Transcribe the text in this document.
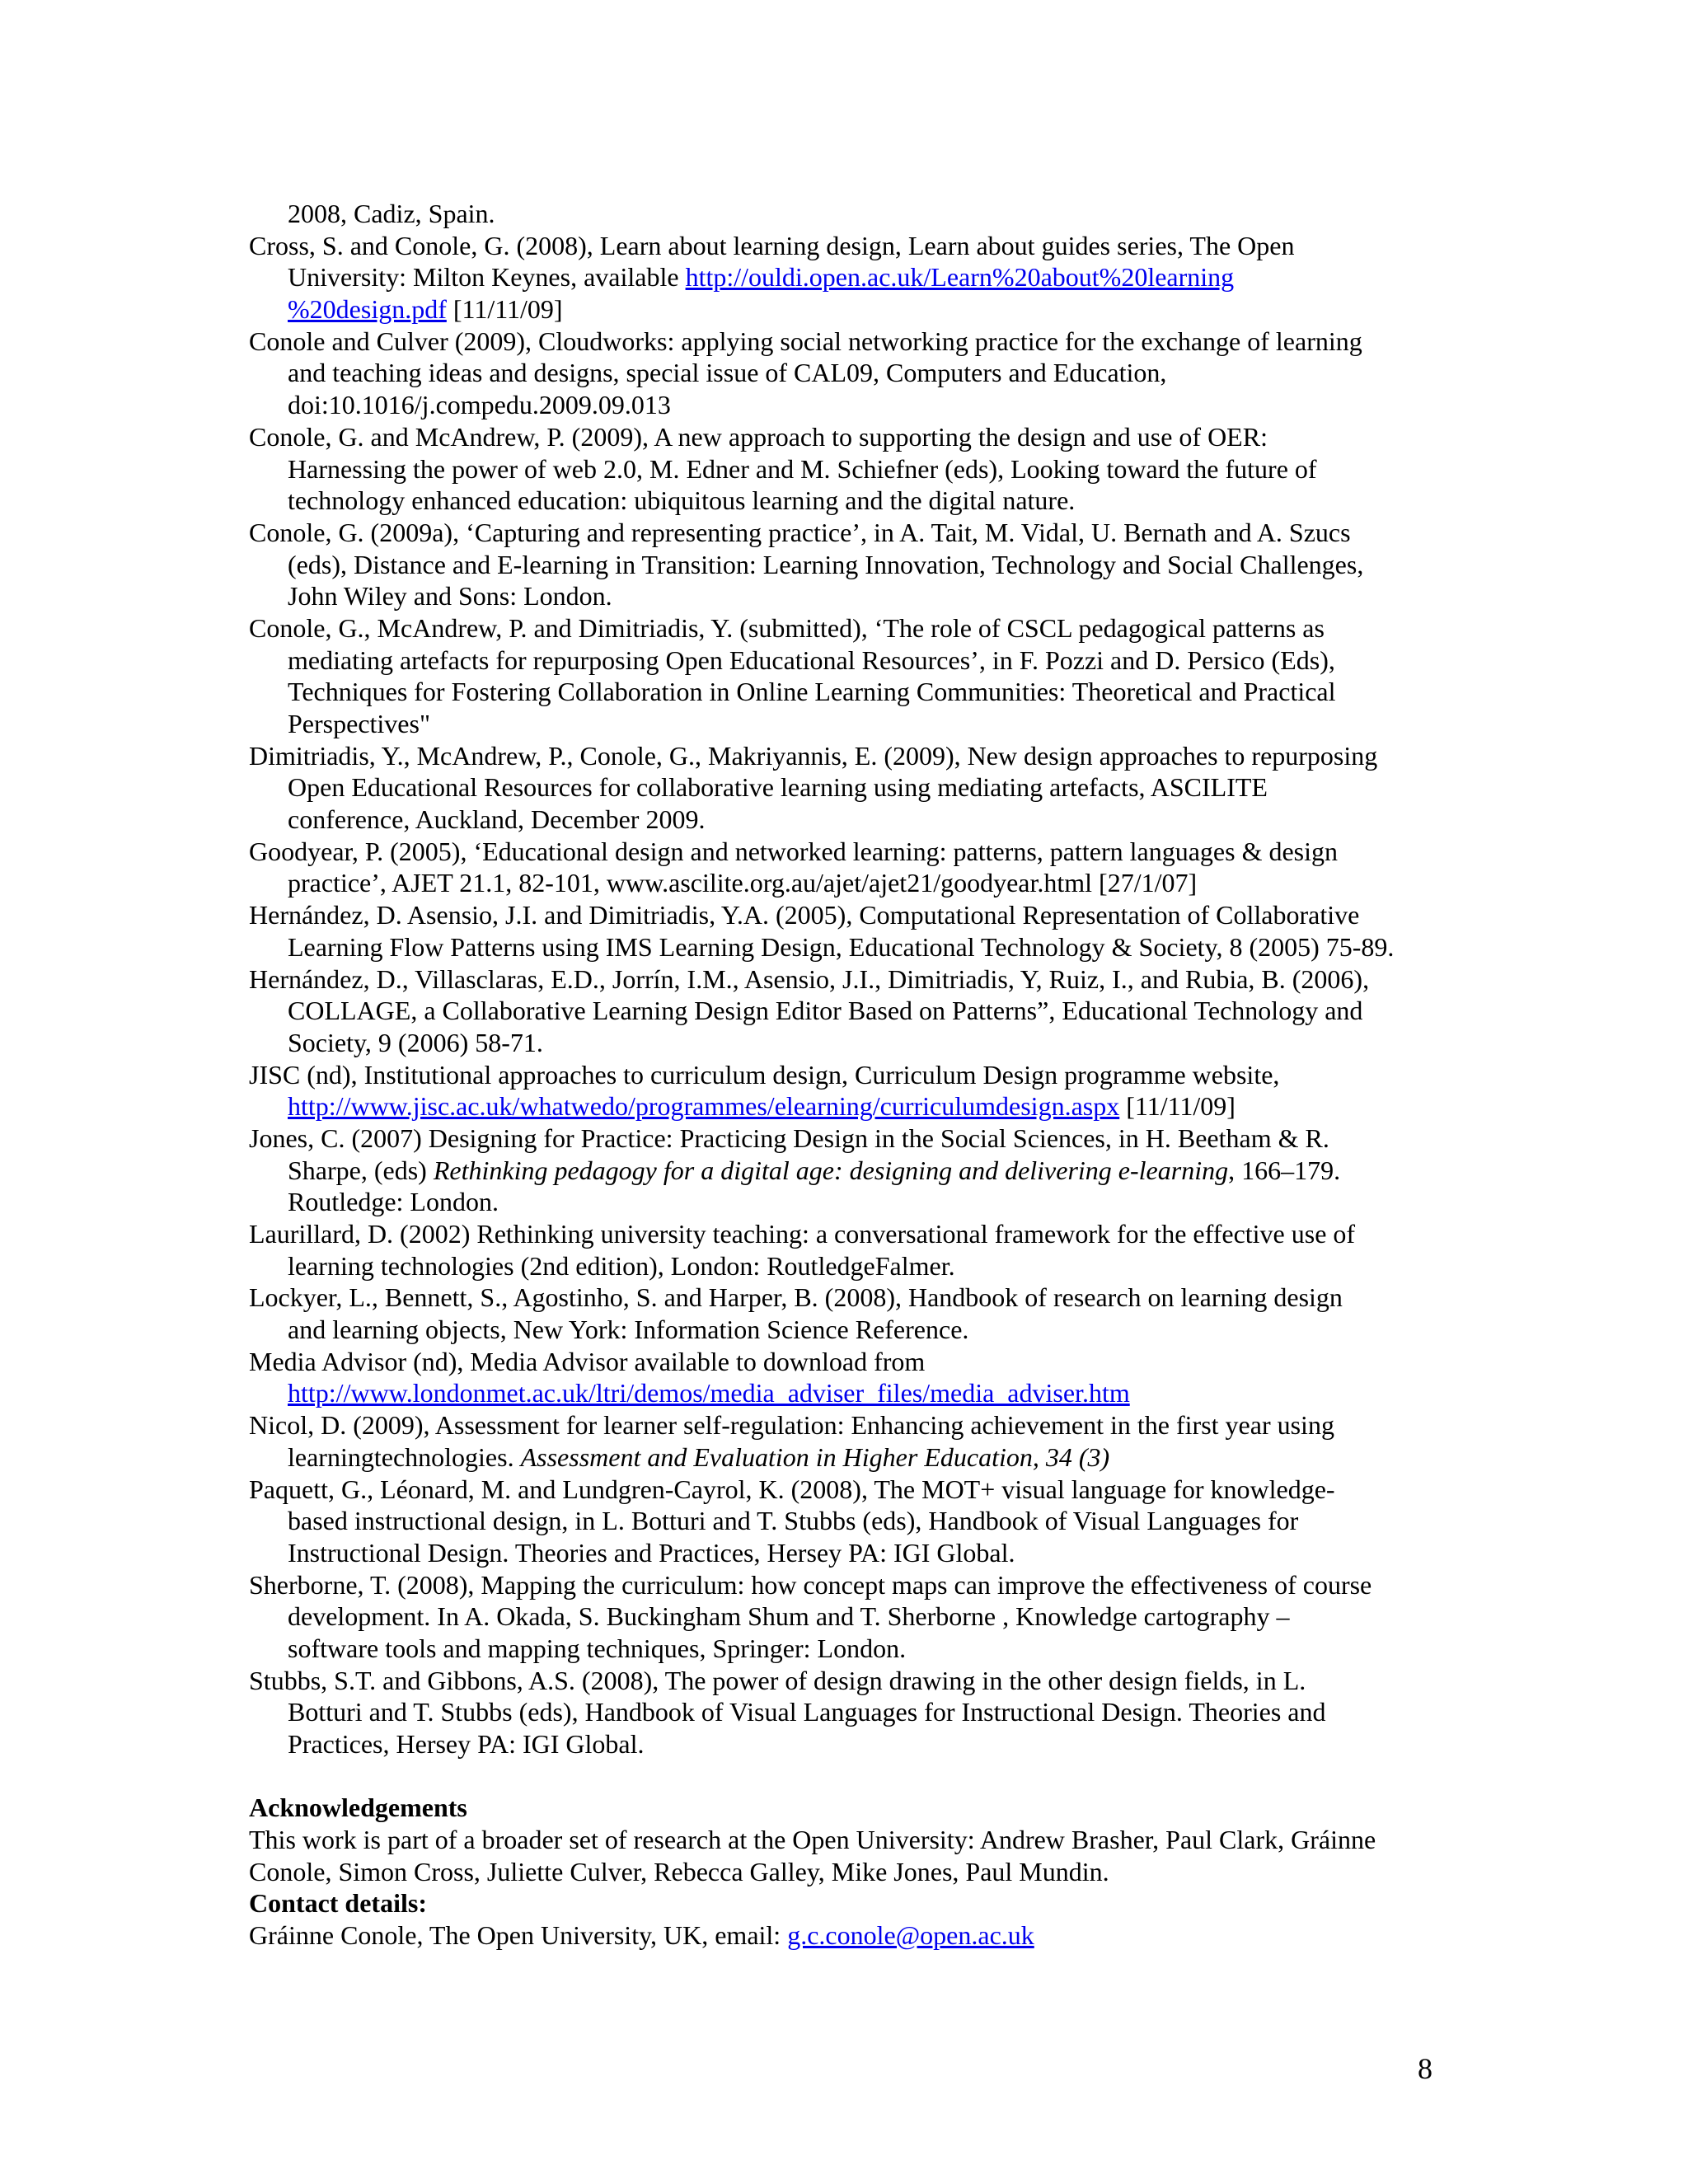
2008, Cadiz, Spain.
Cross, S. and Conole, G. (2008), Learn about learning design, Learn about guides series, The Open
University: Milton Keynes, available http://ouldi.open.ac.uk/Learn%20about%20learning
%20design.pdf [11/11/09]
Conole and Culver (2009), Cloudworks: applying social networking practice for the exchange of learning
and teaching ideas and designs, special issue of CAL09, Computers and Education,
doi:10.1016/j.compedu.2009.09.013
Conole, G. and McAndrew, P. (2009), A new approach to supporting the design and use of OER:
Harnessing the power of web 2.0, M. Edner and M. Schiefner (eds), Looking toward the future of
technology enhanced education: ubiquitous learning and the digital nature.
Conole, G. (2009a), ‘Capturing and representing practice’, in A. Tait, M. Vidal, U. Bernath and A. Szucs
(eds), Distance and E-learning in Transition: Learning Innovation, Technology and Social Challenges,
John Wiley and Sons: London.
Conole, G., McAndrew, P. and Dimitriadis, Y. (submitted), ‘The role of CSCL pedagogical patterns as
mediating artefacts for repurposing Open Educational Resources’, in F. Pozzi and D. Persico (Eds),
Techniques for Fostering Collaboration in Online Learning Communities: Theoretical and Practical
Perspectives"
Dimitriadis, Y., McAndrew, P., Conole, G., Makriyannis, E. (2009), New design approaches to repurposing
Open Educational Resources for collaborative learning using mediating artefacts, ASCILITE
conference, Auckland, December 2009.
Goodyear, P. (2005), ‘Educational design and networked learning: patterns, pattern languages & design
practice’, AJET 21.1, 82-101, www.ascilite.org.au/ajet/ajet21/goodyear.html [27/1/07]
Hernández, D. Asensio, J.I. and Dimitriadis, Y.A. (2005), Computational Representation of Collaborative
Learning Flow Patterns using IMS Learning Design, Educational Technology & Society, 8 (2005) 75-89.
Hernández, D., Villasclaras, E.D., Jorrín, I.M., Asensio, J.I., Dimitriadis, Y, Ruiz, I., and Rubia, B. (2006),
COLLAGE, a Collaborative Learning Design Editor Based on Patterns”, Educational Technology and
Society, 9 (2006) 58-71.
JISC (nd), Institutional approaches to curriculum design, Curriculum Design programme website,
http://www.jisc.ac.uk/whatwedo/programmes/elearning/curriculumdesign.aspx [11/11/09]
Jones, C. (2007) Designing for Practice: Practicing Design in the Social Sciences, in H. Beetham & R.
Sharpe, (eds) Rethinking pedagogy for a digital age: designing and delivering e-learning, 166–179.
Routledge: London.
Laurillard, D. (2002) Rethinking university teaching: a conversational framework for the effective use of
learning technologies (2nd edition), London: RoutledgeFalmer.
Lockyer, L., Bennett, S., Agostinho, S. and Harper, B. (2008), Handbook of research on learning design
and learning objects, New York: Information Science Reference.
Media Advisor (nd), Media Advisor available to download from
http://www.londonmet.ac.uk/ltri/demos/media_adviser_files/media_adviser.htm
Nicol, D. (2009), Assessment for learner self-regulation: Enhancing achievement in the first year using
learningtechnologies. Assessment and Evaluation in Higher Education, 34 (3)
Paquett, G., Léonard, M. and Lundgren-Cayrol, K. (2008), The MOT+ visual language for knowledge-
based instructional design, in L. Botturi and T. Stubbs (eds), Handbook of Visual Languages for
Instructional Design. Theories and Practices, Hersey PA: IGI Global.
Sherborne, T. (2008), Mapping the curriculum: how concept maps can improve the effectiveness of course
development. In A. Okada, S. Buckingham Shum and T. Sherborne , Knowledge cartography –
software tools and mapping techniques, Springer: London.
Stubbs, S.T. and Gibbons, A.S. (2008), The power of design drawing in the other design fields, in L.
Botturi and T. Stubbs (eds), Handbook of Visual Languages for Instructional Design. Theories and
Practices, Hersey PA: IGI Global.
Acknowledgements
This work is part of a broader set of research at the Open University: Andrew Brasher, Paul Clark, Gráinne
Conole, Simon Cross, Juliette Culver, Rebecca Galley, Mike Jones, Paul Mundin.
Contact details:
Gráinne Conole, The Open University, UK, email: g.c.conole@open.ac.uk
8
